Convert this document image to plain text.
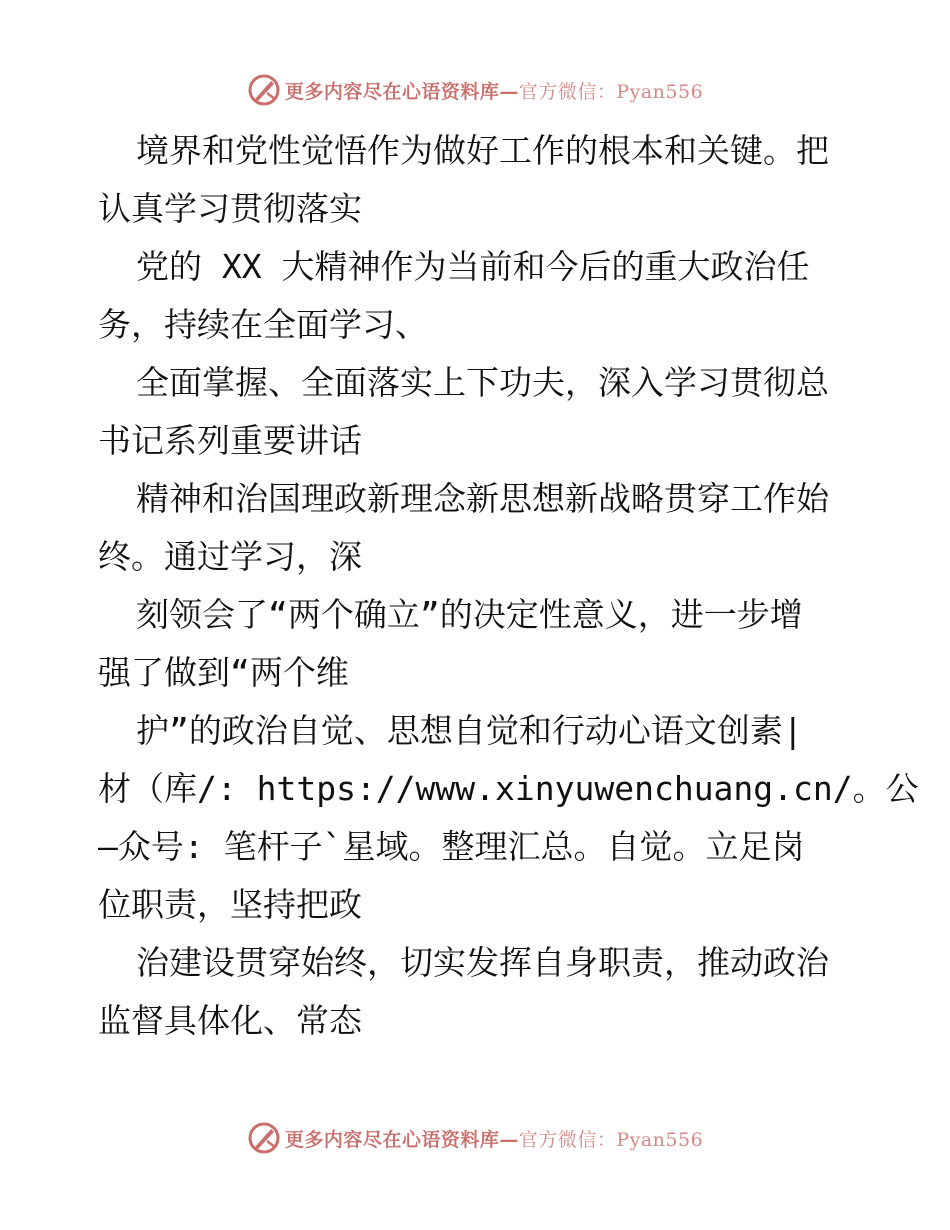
更多内容尽在心语资料库—官方微信：Pyan556
境界和党性觉悟作为做好工作的根本和关键。把
认真学习贯彻落实
党的 XX 大精神作为当前和今后的重大政治任
务，持续在全面学习、
全面掌握、全面落实上下功夫，深入学习贯彻总
书记系列重要讲话
精神和治国理政新理念新思想新战略贯穿工作始
终。通过学习，深
刻领会了“两个确立”的决定性意义，进一步增
强了做到“两个维
护”的政治自觉、思想自觉和行动心语文创素|
材（库/: https://www.xinyuwenchuang.cn/。公
—众号: 笔杆子`星域。整理汇总。自觉。立足岗
位职责，坚持把政
治建设贯穿始终，切实发挥自身职责，推动政治
监督具体化、常态
更多内容尽在心语资料库—官方微信：Pyan556
